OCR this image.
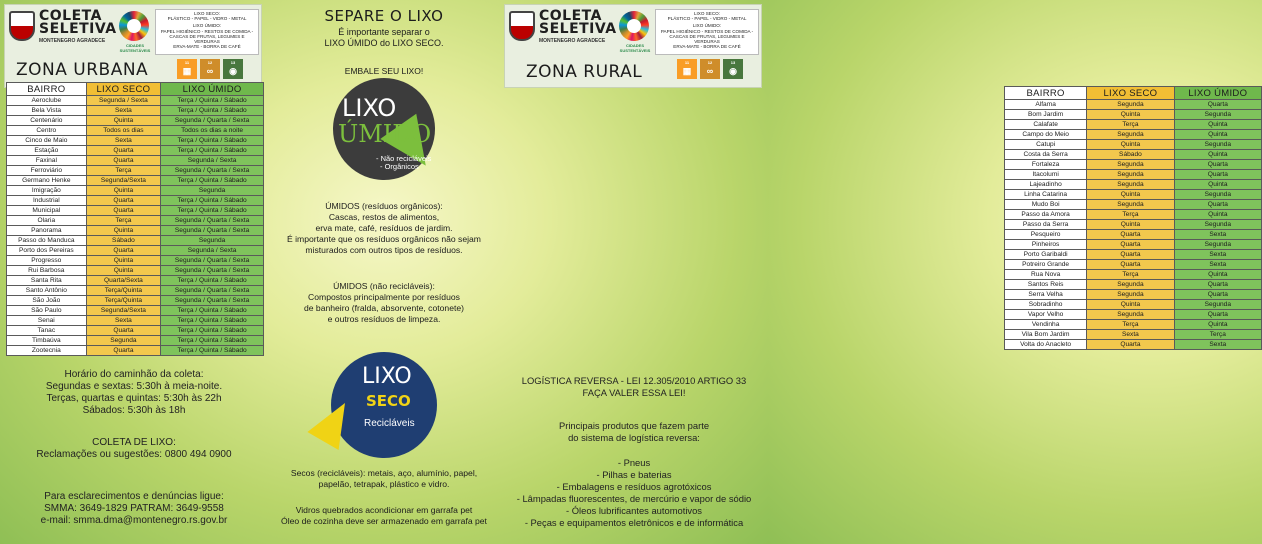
COLETA
SELETIVA
MONTENEGRO AGRADECE
CIDADES SUSTENTÁVEIS
LIXO SECO:
PLÁSTICO - PAPEL - VIDRO - METAL
LIXO ÚMIDO:
PAPEL HIGIÊNICO - RESTOS DE COMIDA -
CASCAS DE FRUTAS, LEGUMES E VERDURAS
ERVA-MATE - BORRA DE CAFÉ
11
▦
12
∞
13
◉
ZONA URBANA
BAIRRO	LIXO SECO	LIXO ÚMIDO
Aeroclube	Segunda / Sexta	Terça / Quinta / Sábado
Bela Vista	Sexta	Terça / Quinta / Sábado
Centenário	Quinta	Segunda / Quarta / Sexta
Centro	Todos os dias	Todos os dias a noite
Cinco de Maio	Sexta	Terça / Quinta / Sábado
Estação	Quarta	Terça / Quinta / Sábado
Faxinal	Quarta	Segunda / Sexta
Ferroviário	Terça	Segunda / Quarta / Sexta
Germano Henke	Segunda/Sexta	Terça / Quinta / Sábado
Imigração	Quinta	Segunda
Industrial	Quarta	Terça / Quinta / Sábado
Municipal	Quarta	Terça / Quinta / Sábado
Olaria	Terça	Segunda / Quarta / Sexta
Panorama	Quinta	Segunda / Quarta / Sexta
Passo do Manduca	Sábado	Segunda
Porto dos Pereiras	Quarta	Segunda / Sexta
Progresso	Quinta	Segunda / Quarta / Sexta
Rui Barbosa	Quinta	Segunda / Quarta / Sexta
Santa Rita	Quarta/Sexta	Terça / Quinta / Sábado
Santo Antônio	Terça/Quinta	Segunda / Quarta / Sexta
São João	Terça/Quinta	Segunda / Quarta / Sexta
São Paulo	Segunda/Sexta	Terça / Quinta / Sábado
Senai	Sexta	Terça / Quinta / Sábado
Tanac	Quarta	Terça / Quinta / Sábado
Timbaúva	Segunda	Terça / Quinta / Sábado
Zootecnia	Quarta	Terça / Quinta / Sábado
Horário do caminhão da coleta:
Segundas e sextas: 5:30h à meia-noite.
Terças, quartas e quintas: 5:30h às 22h
Sábados: 5:30h às 18h
COLETA DE LIXO:
Reclamações ou sugestões: 0800 494 0900
Para esclarecimentos e denúncias ligue:
SMMA: 3649-1829 PATRAM: 3649-9558
e-mail: smma.dma@montenegro.rs.gov.br
SEPARE O LIXO
É importante separar o
LIXO ÚMIDO do LIXO SECO.
EMBALE SEU LIXO!
LIXO
ÚMIDO
- Não recicláveis
- Orgânicos
ÚMIDOS (resíduos orgânicos):
Cascas, restos de alimentos,
erva mate, café, resíduos de jardim.
É importante que os resíduos orgânicos não sejam
misturados com outros tipos de resíduos.
ÚMIDOS (não recicláveis):
Compostos principalmente por resíduos
de banheiro (fralda, absorvente, cotonete)
e outros resíduos de limpeza.
LIXO
SECO
Recicláveis
Secos (recicláveis): metais, aço, alumínio, papel,
papelão, tetrapak, plástico e vidro.
Vidros quebrados acondicionar em garrafa pet
Óleo de cozinha deve ser armazenado em garrafa pet
COLETA
SELETIVA
MONTENEGRO AGRADECE
CIDADES SUSTENTÁVEIS
LIXO SECO:
PLÁSTICO - PAPEL - VIDRO - METAL
LIXO ÚMIDO:
PAPEL HIGIÊNICO - RESTOS DE COMIDA -
CASCAS DE FRUTAS, LEGUMES E VERDURAS
ERVA-MATE - BORRA DE CAFÉ
11
▦
12
∞
13
◉
ZONA RURAL
BAIRRO	LIXO SECO	LIXO ÚMIDO
Alfama	Segunda	Quarta
Bom Jardim	Quinta	Segunda
Calafate	Terça	Quinta
Campo do Meio	Segunda	Quinta
Catupi	Quinta	Segunda
Costa da Serra	Sábado	Quinta
Fortaleza	Segunda	Quarta
Itacolumi	Segunda	Quarta
Lajeadinho	Segunda	Quinta
Linha Catarina	Quinta	Segunda
Mudo Boi	Segunda	Quarta
Passo da Amora	Terça	Quinta
Passo da Serra	Quinta	Segunda
Pesqueiro	Quarta	Sexta
Pinheiros	Quarta	Segunda
Porto Garibaldi	Quarta	Sexta
Potreiro Grande	Quarta	Sexta
Rua Nova	Terça	Quinta
Santos Reis	Segunda	Quarta
Serra Velha	Segunda	Quarta
Sobradinho	Quinta	Segunda
Vapor Velho	Segunda	Quarta
Vendinha	Terça	Quinta
Vila Bom Jardim	Sexta	Terça
Volta do Anacleto	Quarta	Sexta
LOGÍSTICA REVERSA - LEI 12.305/2010 ARTIGO 33
FAÇA VALER ESSA LEI!
Principais produtos que fazem parte
do sistema de logística reversa:
- Pneus
- Pilhas e baterias
- Embalagens e resíduos agrotóxicos
- Lâmpadas fluorescentes, de mercúrio e vapor de sódio
- Óleos lubrificantes automotivos
- Peças e equipamentos eletrônicos e de informática
